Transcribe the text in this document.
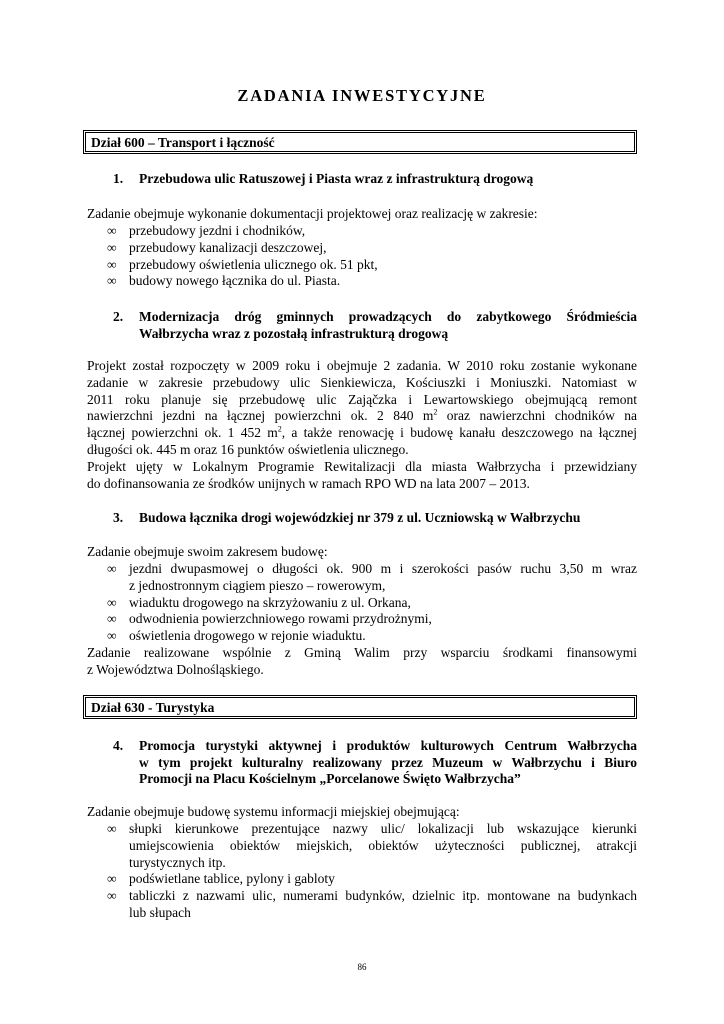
ZADANIA INWESTYCYJNE
Dział 600 – Transport i łączność
1. Przebudowa ulic Ratuszowej i Piasta wraz z infrastrukturą drogową
Zadanie obejmuje wykonanie dokumentacji projektowej oraz realizację w zakresie:
∞ przebudowy jezdni i chodników,
∞ przebudowy kanalizacji deszczowej,
∞ przebudowy oświetlenia ulicznego ok. 51 pkt,
∞ budowy nowego łącznika do ul. Piasta.
2. Modernizacja dróg gminnych prowadzących do zabytkowego Śródmieścia
Wałbrzycha wraz z pozostałą infrastrukturą drogową
Projekt został rozpoczęty w 2009 roku i obejmuje 2 zadania. W 2010 roku zostanie wykonane
zadanie w zakresie przebudowy ulic Sienkiewicza, Kościuszki i Moniuszki. Natomiast w
2011 roku planuje się przebudowę ulic Zająčzka i Lewartowskiego obejmującą remont
nawierzchni jezdni na łącznej powierzchni ok. 2 840 $m^2$ oraz nawierzchni chodników na
łącznej powierzchni ok. 1 452 $m^2$, a także renowację i budowę kanału deszczowego na łącznej
długości ok. 445 m oraz 16 punktów oświetlenia ulicznego.
Projekt ujęty w Lokalnym Programie Rewitalizacji dla miasta Wałbrzycha i przewidziany
do dofinansowania ze środków unijnych w ramach RPO WD na lata 2007 – 2013.
3. Budowa łącznika drogi wojewódzkiej nr 379 z ul. Uczniowską w Wałbrzychu
Zadanie obejmuje swoim zakresem budowę:
∞ jezdni dwupasmowej o długości ok. 900 m i szerokości pasów ruchu 3,50 m wraz
z jednostronnym ciągiem pieszo – rowerowym,
∞ wiaduktu drogowego na skrzyżowaniu z ul. Orkana,
∞ odwodnienia powierzchniowego rowami przydrożnymi,
∞ oświetlenia drogowego w rejonie wiaduktu.
Zadanie realizowane wspólnie z Gminą Walim przy wsparciu środkami finansowymi
z Województwa Dolnośląskiego.
Dział 630 - Turystyka
4. Promocja turystyki aktywnej i produktów kulturowych Centrum Wałbrzycha
w tym projekt kulturalny realizowany przez Muzeum w Wałbrzychu i Biuro
Promocji na Placu Kościelnym „Porcelanowe Święto Wałbrzycha”
Zadanie obejmuje budowę systemu informacji miejskiej obejmującą:
∞ słupki kierunkowe prezentujące nazwy ulic/ lokalizacji lub wskazujące kierunki
umiejscowienia obiektów miejskich, obiektów użyteczności publicznej, atrakcji
turystycznych itp.
∞ podświetlane tablice, pylony i gabloty
∞ tabliczki z nazwami ulic, numerami budynków, dzielnic itp. montowane na budynkach
lub słupach
86
